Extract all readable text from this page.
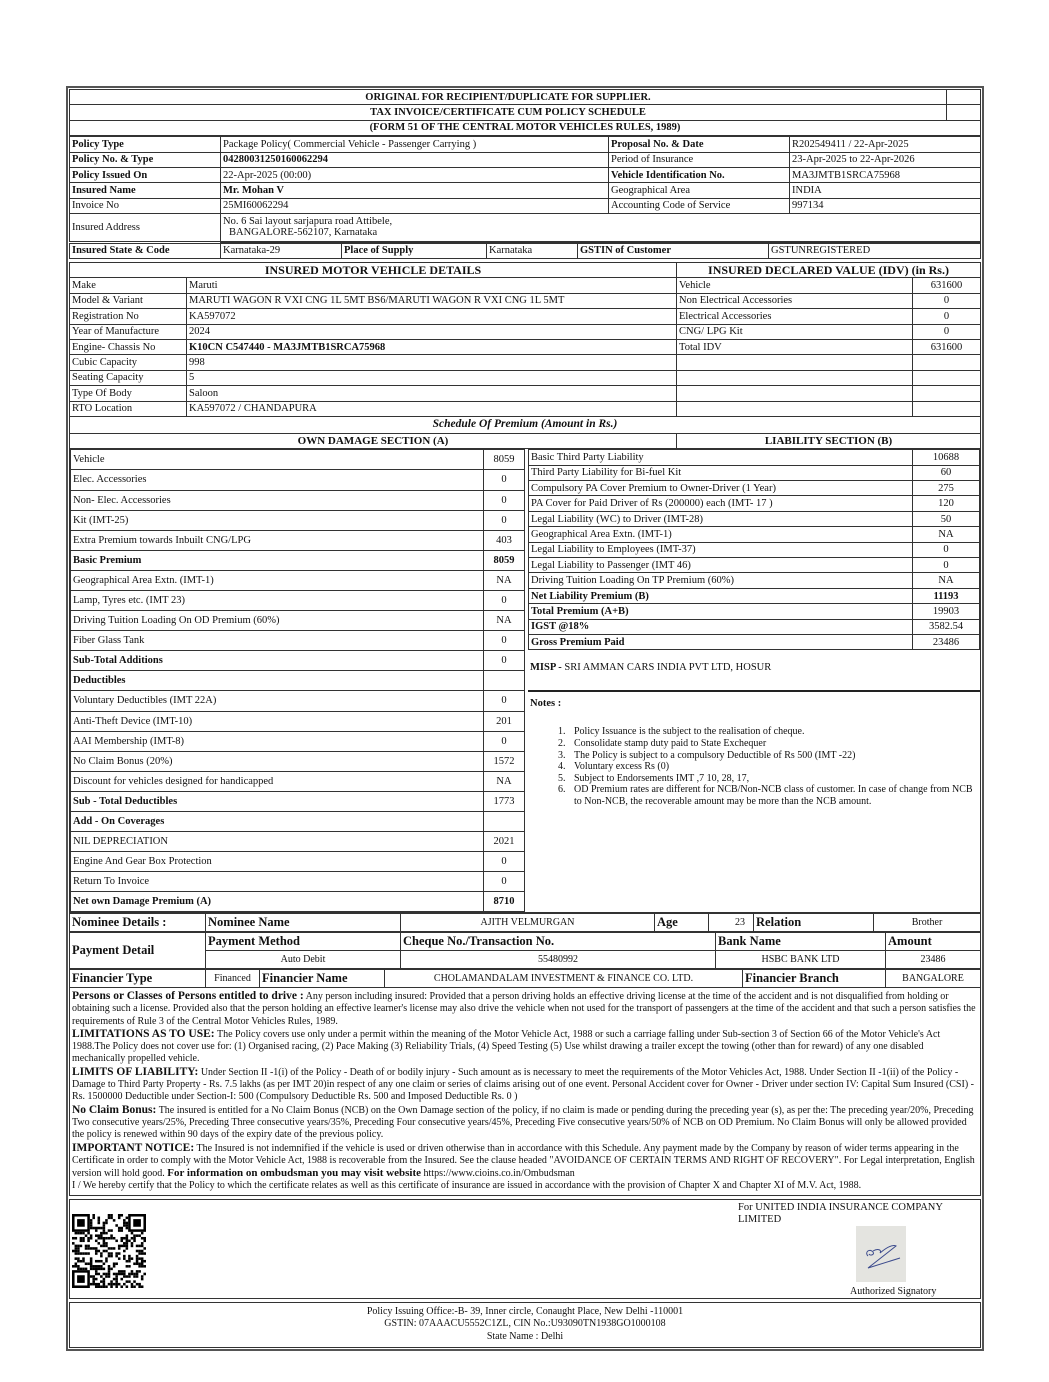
ORIGINAL FOR RECIPIENT/DUPLICATE FOR SUPPLIER.	
TAX INVOICE/CERTIFICATE CUM POLICY SCHEDULE	
(FORM 51 OF THE CENTRAL MOTOR VEHICLES RULES, 1989)	
Policy Type	Package Policy( Commercial Vehicle - Passenger Carrying )	Proposal No. & Date	R202549411 / 22-Apr-2025
Policy No. & Type	04280031250160062294	Period of Insurance	23-Apr-2025 to 22-Apr-2026
Policy Issued On	22-Apr-2025 (00:00)	Vehicle Identification No.	MA3JMTB1SRCA75968
Insured Name	Mr. Mohan V	Geographical Area	INDIA
Invoice No	25MI60062294	Accounting Code of Service	997134
Insured Address	No. 6 Sai layout sarjapura road Attibele,
BANGALORE-562107, Karnataka		
Insured State & Code	Karnataka-29	Place of Supply	Karnataka	GSTIN of Customer	GSTUNREGISTERED
INSURED MOTOR VEHICLE DETAILS		INSURED DECLARED VALUE (IDV) (in Rs.)	
Make	Maruti	Vehicle	631600
Model & Variant	MARUTI WAGON R VXI CNG 1L 5MT BS6/MARUTI WAGON R VXI CNG 1L 5MT	Non Electrical Accessories	0
Registration No	KA597072	Electrical Accessories	0
Year of Manufacture	2024	CNG/ LPG Kit	0
Engine- Chassis No	K10CN C547440 - MA3JMTB1SRCA75968	Total IDV	631600
Cubic Capacity	998		
Seating Capacity	5		
Type Of Body	Saloon		
RTO Location	KA597072 / CHANDAPURA		
Schedule Of Premium (Amount in Rs.)			
OWN DAMAGE SECTION (A)		LIABILITY SECTION (B)	
Vehicle	8059
Elec. Accessories	0
Non- Elec. Accessories	0
Kit (IMT-25)	0
Extra Premium towards Inbuilt CNG/LPG	403
Basic Premium	8059
Geographical Area Extn. (IMT-1)	NA
Lamp, Tyres etc. (IMT 23)	0
Driving Tuition Loading On OD Premium (60%)	NA
Fiber Glass Tank	0
Sub-Total Additions	0
Deductibles	
Voluntary Deductibles (IMT 22A)	0
Anti-Theft Device (IMT-10)	201
AAI Membership (IMT-8)	0
No Claim Bonus (20%)	1572
Discount for vehicles designed for handicapped	NA
Sub - Total Deductibles	1773
Add - On Coverages	
NIL DEPRECIATION	2021
Engine And Gear Box Protection	0
Return To Invoice	0
Net own Damage Premium (A)	8710
Basic Third Party Liability	10688
Third Party Liability for Bi-fuel Kit	60
Compulsory PA Cover Premium to Owner-Driver (1 Year)	275
PA Cover for Paid Driver of Rs (200000) each (IMT- 17 )	120
Legal Liability (WC) to Driver (IMT-28)	50
Geographical Area Extn. (IMT-1)	NA
Legal Liability to Employees (IMT-37)	0
Legal Liability to Passenger (IMT 46)	0
Driving Tuition Loading On TP Premium (60%)	NA
Net Liability Premium (B)	11193
Total Premium (A+B)	19903
IGST @18%	3582.54
Gross Premium Paid	23486
MISP - SRI AMMAN CARS INDIA PVT LTD, HOSUR
Notes :
1. Policy Issuance is the subject to the realisation of cheque.
2. Consolidate stamp duty paid to State Exchequer
3. The Policy is subject to a compulsory Deductible of Rs 500 (IMT -22)
4. Voluntary excess Rs (0)
5. Subject to Endorsements IMT ,7 10, 28, 17,
6. OD Premium rates are different for NCB/Non-NCB class of customer. In case of change from NCB to Non-NCB, the recoverable amount may be more than the NCB amount.
Nominee Details :	Nominee Name	AJITH VELMURGAN	Age	23	Relation	Brother
Payment Detail	Payment Method	Cheque No./Transaction No.	Bank Name	Amount
	Auto Debit	55480992	HSBC BANK LTD	23486
Financier Type	Financed	Financier Name	CHOLAMANDALAM INVESTMENT & FINANCE CO. LTD.	Financier Branch	BANGALORE
Persons or Classes of Persons entitled to drive : Any person including insured: Provided that a person driving holds an effective driving license at the time of the accident and is not disqualified from holding or obtaining such a license. Provided also that the person holding an effective learner's license may also drive the vehicle when not used for the transport of passengers at the time of the accident and that such a person satisfies the requirements of Rule 3 of the Central Motor Vehicles Rules, 1989.
LIMITATIONS AS TO USE: The Policy covers use only under a permit within the meaning of the Motor Vehicle Act, 1988 or such a carriage falling under Sub-section 3 of Section 66 of the Motor Vehicle's Act 1988.The Policy does not cover use for: (1) Organised racing, (2) Pace Making (3) Reliability Trials, (4) Speed Testing (5) Use whilst drawing a trailer except the towing (other than for reward) of any one disabled mechanically propelled vehicle.
LIMITS OF LIABILITY: Under Section II -1(i) of the Policy - Death of or bodily injury - Such amount as is necessary to meet the requirements of the Motor Vehicles Act, 1988. Under Section II -1(ii) of the Policy - Damage to Third Party Property - Rs. 7.5 lakhs (as per IMT 20)in respect of any one claim or series of claims arising out of one event. Personal Accident cover for Owner - Driver under section IV: Capital Sum Insured (CSI) - Rs. 1500000 Deductible under Section-I: 500 (Compulsory Deductible Rs. 500 and Imposed Deductible Rs. 0 )
No Claim Bonus: The insured is entitled for a No Claim Bonus (NCB) on the Own Damage section of the policy, if no claim is made or pending during the preceding year (s), as per the: The preceding year/20%, Preceding Two consecutive years/25%, Preceding Three consecutive years/35%, Preceding Four consecutive years/45%, Preceding Five consecutive years/50% of NCB on OD Premium. No Claim Bonus will only be allowed provided the policy is renewed within 90 days of the expiry date of the previous policy.
IMPORTANT NOTICE: The Insured is not indemnified if the vehicle is used or driven otherwise than in accordance with this Schedule. Any payment made by the Company by reason of wider terms appearing in the Certificate in order to comply with the Motor Vehicle Act, 1988 is recoverable from the Insured. See the clause headed "AVOIDANCE OF CERTAIN TERMS AND RIGHT OF RECOVERY". For Legal interpretation, English version will hold good. For information on ombudsman you may visit website https://www.cioins.co.in/Ombudsman
I / We hereby certify that the Policy to which the certificate relates as well as this certificate of insurance are issued in accordance with the provision of Chapter X and Chapter XI of M.V. Act, 1988.
For UNITED INDIA INSURANCE COMPANY LIMITED
Authorized Signatory
Policy Issuing Office:-B- 39, Inner circle, Conaught Place, New Delhi -110001
GSTIN: 07AAACU5552C1ZL, CIN No.:U93090TN1938GO1000108
State Name : Delhi
